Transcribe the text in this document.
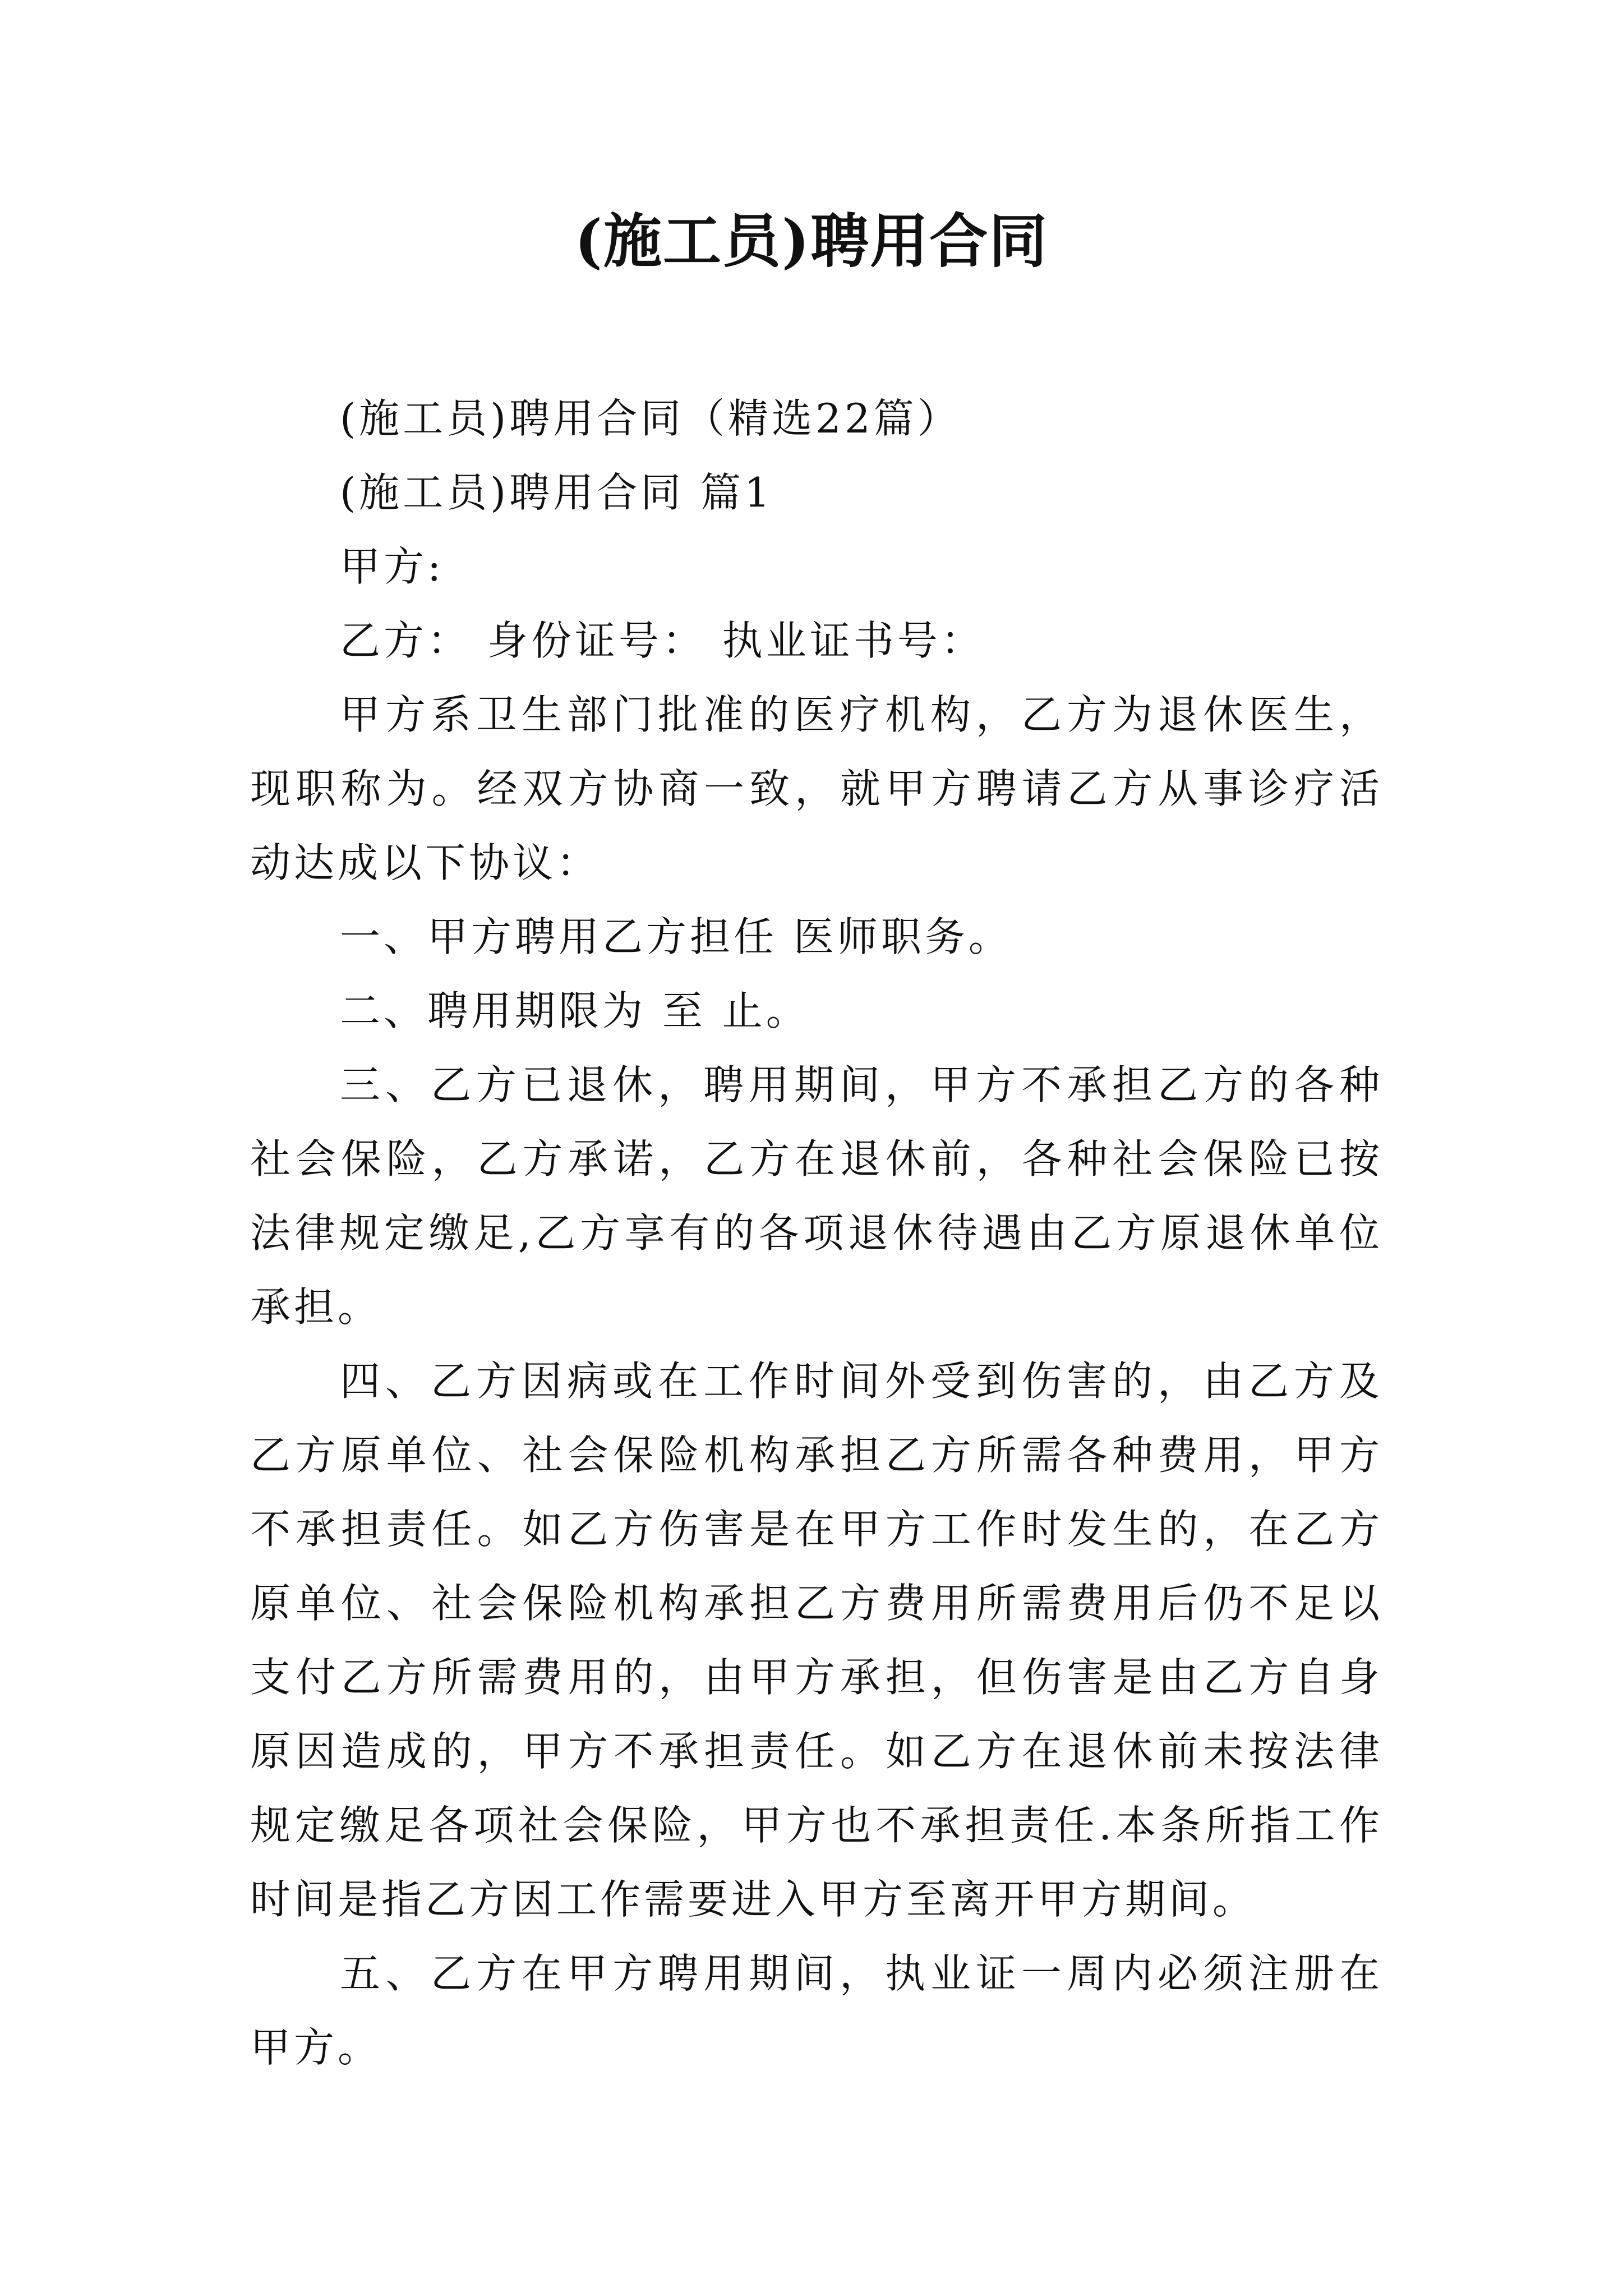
(施工员)聘用合同

(施工员)聘用合同（精选22篇）

(施工员)聘用合同 篇1

甲方:

乙方： 身份证号： 执业证书号：

甲方系卫生部门批准的医疗机构，乙方为退休医生，现职称为。经双方协商一致，就甲方聘请乙方从事诊疗活动达成以下协议：

一、甲方聘用乙方担任 医师职务。

二、聘用期限为 至 止。

三、乙方已退休，聘用期间，甲方不承担乙方的各种社会保险，乙方承诺，乙方在退休前，各种社会保险已按法律规定缴足,乙方享有的各项退休待遇由乙方原退休单位承担。

四、乙方因病或在工作时间外受到伤害的，由乙方及乙方原单位、社会保险机构承担乙方所需各种费用，甲方不承担责任。如乙方伤害是在甲方工作时发生的，在乙方原单位、社会保险机构承担乙方费用所需费用后仍不足以支付乙方所需费用的，由甲方承担，但伤害是由乙方自身原因造成的，甲方不承担责任。如乙方在退休前未按法律规定缴足各项社会保险，甲方也不承担责任.本条所指工作时间是指乙方因工作需要进入甲方至离开甲方期间。

五、乙方在甲方聘用期间，执业证一周内必须注册在甲方。
